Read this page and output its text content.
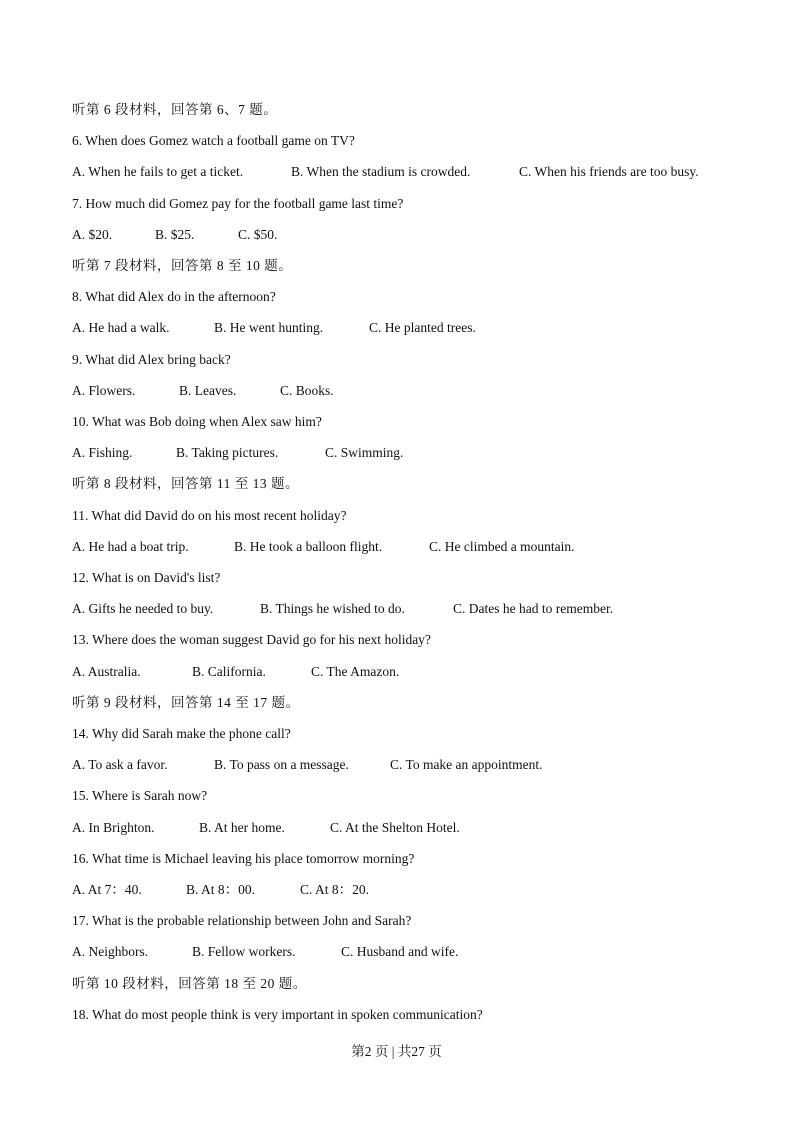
听第 6 段材料，回答第 6、7 题。
6. When does Gomez watch a football game on TV?
A. When he fails to get a ticket.	B. When the stadium is crowded.	C. When his friends are too busy.
7. How much did Gomez pay for the football game last time?
A. $20.	B. $25.	C. $50.
听第 7 段材料，回答第 8 至 10 题。
8. What did Alex do in the afternoon?
A. He had a walk.	B. He went hunting.	C. He planted trees.
9. What did Alex bring back?
A. Flowers.	B. Leaves.	C. Books.
10. What was Bob doing when Alex saw him?
A. Fishing.	B. Taking pictures.	C. Swimming.
听第 8 段材料，回答第 11 至 13 题。
11. What did David do on his most recent holiday?
A. He had a boat trip.	B. He took a balloon flight.	C. He climbed a mountain.
12. What is on David's list?
A. Gifts he needed to buy.	B. Things he wished to do.	C. Dates he had to remember.
13. Where does the woman suggest David go for his next holiday?
A. Australia.	B. California.	C. The Amazon.
听第 9 段材料，回答第 14 至 17 题。
14. Why did Sarah make the phone call?
A. To ask a favor.	B. To pass on a message.	C. To make an appointment.
15. Where is Sarah now?
A. In Brighton.	B. At her home.	C. At the Shelton Hotel.
16. What time is Michael leaving his place tomorrow morning?
A. At 7：40.	B. At 8：00.	C. At 8：20.
17. What is the probable relationship between John and Sarah?
A. Neighbors.	B. Fellow workers.	C. Husband and wife.
听第 10 段材料，回答第 18 至 20 题。
18. What do most people think is very important in spoken communication?
第2 页 | 共27 页
